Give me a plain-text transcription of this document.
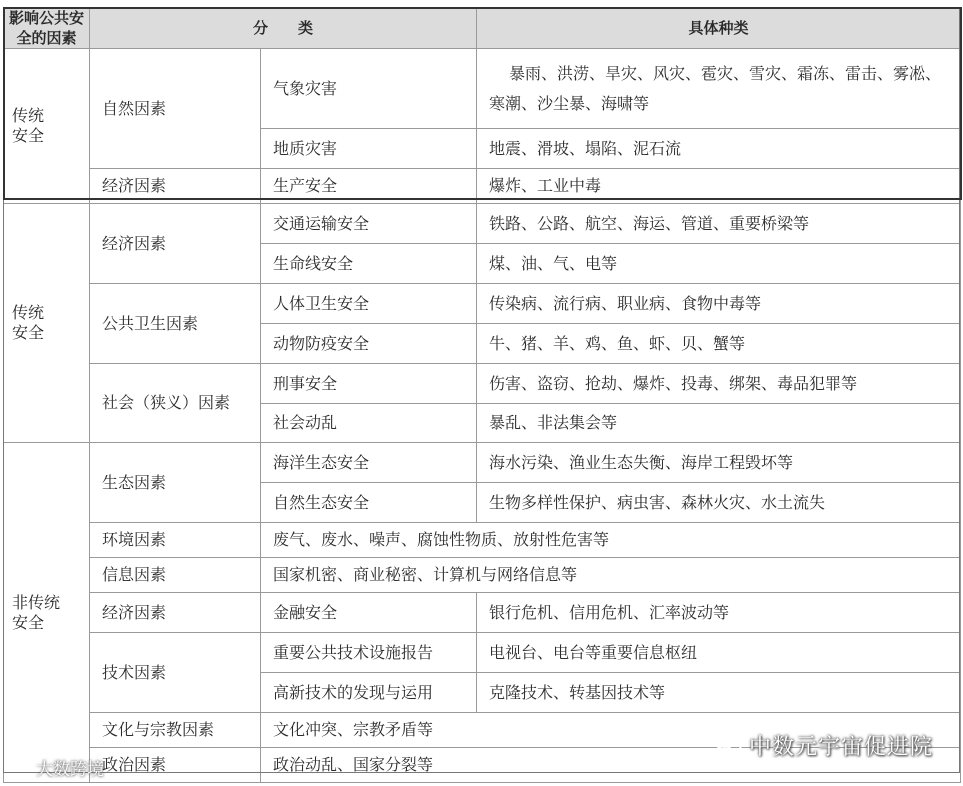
影响公共安全的因素	分　　类		具体种类
传统
安全	自然因素	气象灾害	暴雨、洪涝、旱灾、风灾、雹灾、雪灾、霜冻、雷击、雾凇、寒潮、沙尘暴、海啸等
		地质灾害	地震、滑坡、塌陷、泥石流
	经济因素	生产安全	爆炸、工业中毒
传统
安全	经济因素	交通运输安全	铁路、公路、航空、海运、管道、重要桥梁等
		生命线安全	煤、油、气、电等
	公共卫生因素	人体卫生安全	传染病、流行病、职业病、食物中毒等
		动物防疫安全	牛、猪、羊、鸡、鱼、虾、贝、蟹等
	社会（狭义）因素	刑事安全	伤害、盗窃、抢劫、爆炸、投毒、绑架、毒品犯罪等
		社会动乱	暴乱、非法集会等
非传统
安全	生态因素	海洋生态安全	海水污染、渔业生态失衡、海岸工程毁坏等
		自然生态安全	生物多样性保护、病虫害、森林火灾、水土流失
	环境因素	废气、废水、噪声、腐蚀性物质、放射性危害等	
	信息因素	国家机密、商业秘密、计算机与网络信息等	
	经济因素	金融安全	银行危机、信用危机、汇率波动等
	技术因素	重要公共技术设施报告	电视台、电台等重要信息枢纽
		高新技术的发现与运用	克隆技术、转基因技术等
	文化与宗教因素	文化冲突、宗教矛盾等	
	政治因素	政治动乱、国家分裂等	
中数元宇宙促进院
大数跨境
